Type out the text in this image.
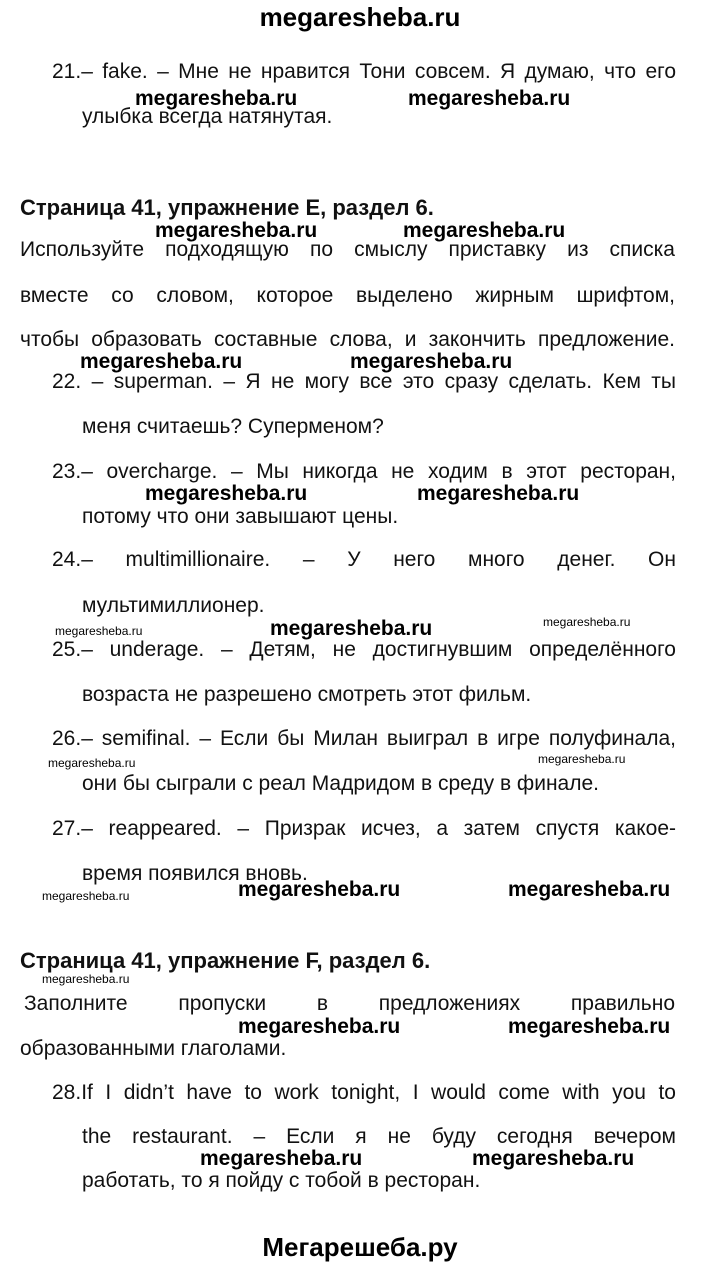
megaresheba.ru
21.– fake. – Мне не нравится Тони совсем. Я думаю, что его
megaresheba.ru	megaresheba.ru
улыбка всегда натянутая.
Страница 41, упражнение E, раздел 6.
megaresheba.ru	megaresheba.ru
Используйте подходящую по смыслу приставку из списка
вместе со словом, которое выделено жирным шрифтом,
чтобы образовать составные слова, и закончить предложение.
megaresheba.ru	megaresheba.ru
22. – superman. – Я не могу все это сразу сделать. Кем ты
меня считаешь? Суперменом?
23.– overcharge. – Мы никогда не ходим в этот ресторан,
megaresheba.ru	megaresheba.ru
потому что они завышают цены.
24.– multimillionaire. – У него много денег. Он
мультимиллионер.
megaresheba.ru	megaresheba.ru	megaresheba.ru
25.– underage. – Детям, не достигнувшим определённого
возраста не разрешено смотреть этот фильм.
26.– semifinal. – Если бы Милан выиграл в игре полуфинала,
megaresheba.ru	megaresheba.ru
они бы сыграли с реал Мадридом в среду в финале.
27.– reappeared. – Призрак исчез, а затем спустя какое-
время появился вновь.
megaresheba.ru	megaresheba.ru	megaresheba.ru
Страница 41, упражнение F, раздел 6.
megaresheba.ru
Заполните пропуски в предложениях правильно
megaresheba.ru	megaresheba.ru
образованными глаголами.
28.If I didn’t have to work tonight, I would come with you to
the restaurant. – Если я не буду сегодня вечером
megaresheba.ru	megaresheba.ru
работать, то я пойду с тобой в ресторан.
Мегарешеба.ру
